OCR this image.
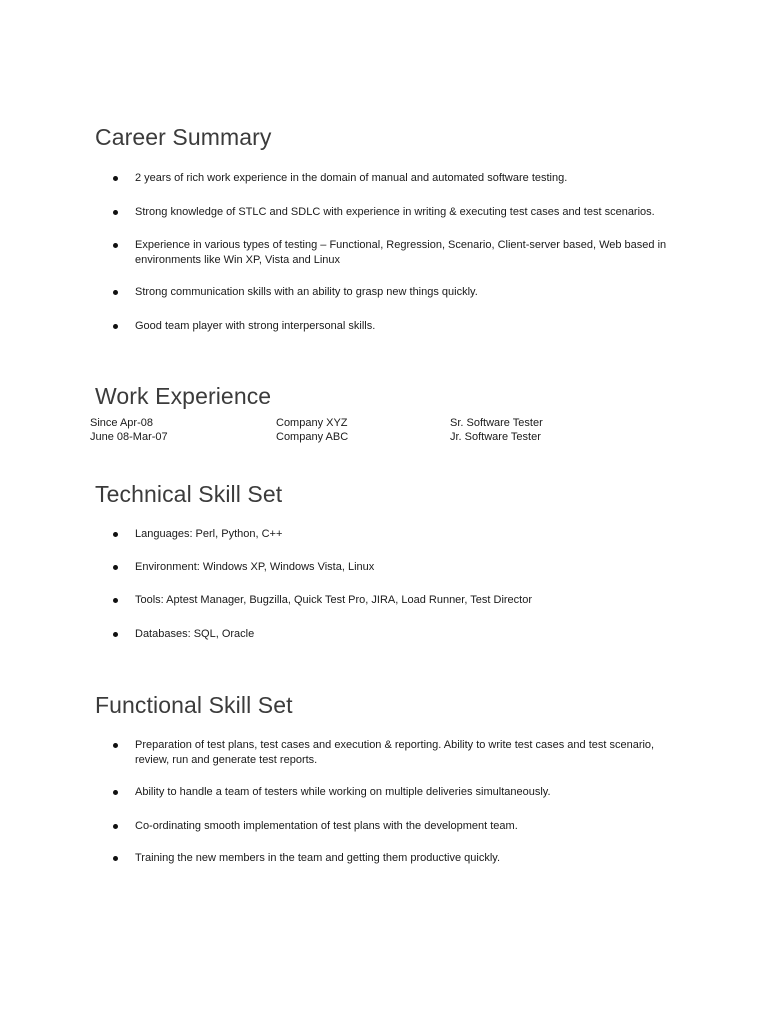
Career Summary
2 years of rich work experience in the domain of manual and automated software testing.
Strong knowledge of STLC and SDLC with experience in writing & executing test cases and test scenarios.
Experience in various types of testing – Functional, Regression, Scenario, Client-server based, Web based in environments like Win XP, Vista and Linux
Strong communication skills with an ability to grasp new things quickly.
Good team player with strong interpersonal skills.
Work Experience
Since Apr-08	Company XYZ	Sr. Software Tester
June 08-Mar-07	Company ABC	Jr. Software Tester
Technical Skill Set
Languages: Perl, Python, C++
Environment: Windows XP, Windows Vista, Linux
Tools: Aptest Manager, Bugzilla, Quick Test Pro, JIRA, Load Runner, Test Director
Databases: SQL, Oracle
Functional Skill Set
Preparation of test plans, test cases and execution & reporting. Ability to write test cases and test scenario, review, run and generate test reports.
Ability to handle a team of testers while working on multiple deliveries simultaneously.
Co-ordinating smooth implementation of test plans with the development team.
Training the new members in the team and getting them productive quickly.
